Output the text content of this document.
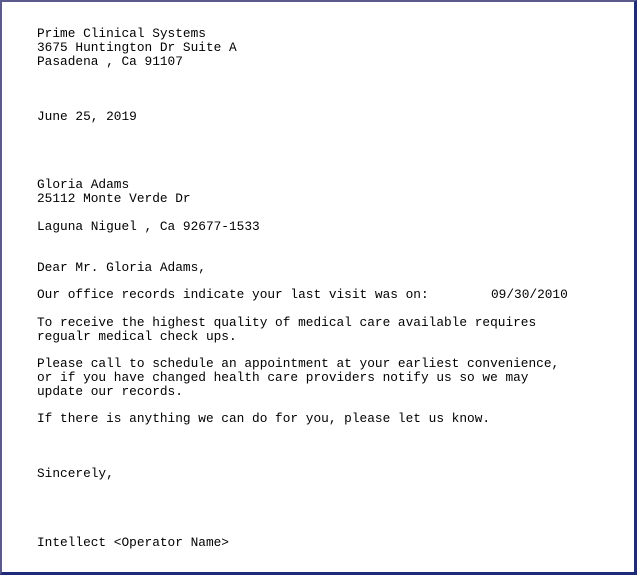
Prime Clinical Systems

3675 Huntington Dr Suite A

Pasadena , Ca 91107

June 25, 2019

Gloria Adams

25112 Monte Verde Dr

Laguna Niguel , Ca 92677-1533

Dear Mr. Gloria Adams,

Our office records indicate your last visit was on:

	09/30/2010

To receive the highest quality of medical care available requires

regualr medical check ups.

Please call to schedule an appointment at your earliest convenience,

or if you have changed health care providers notify us so we may

update our records.

If there is anything we can do for you, please let us know.

Sincerely,

Intellect <Operator Name>
